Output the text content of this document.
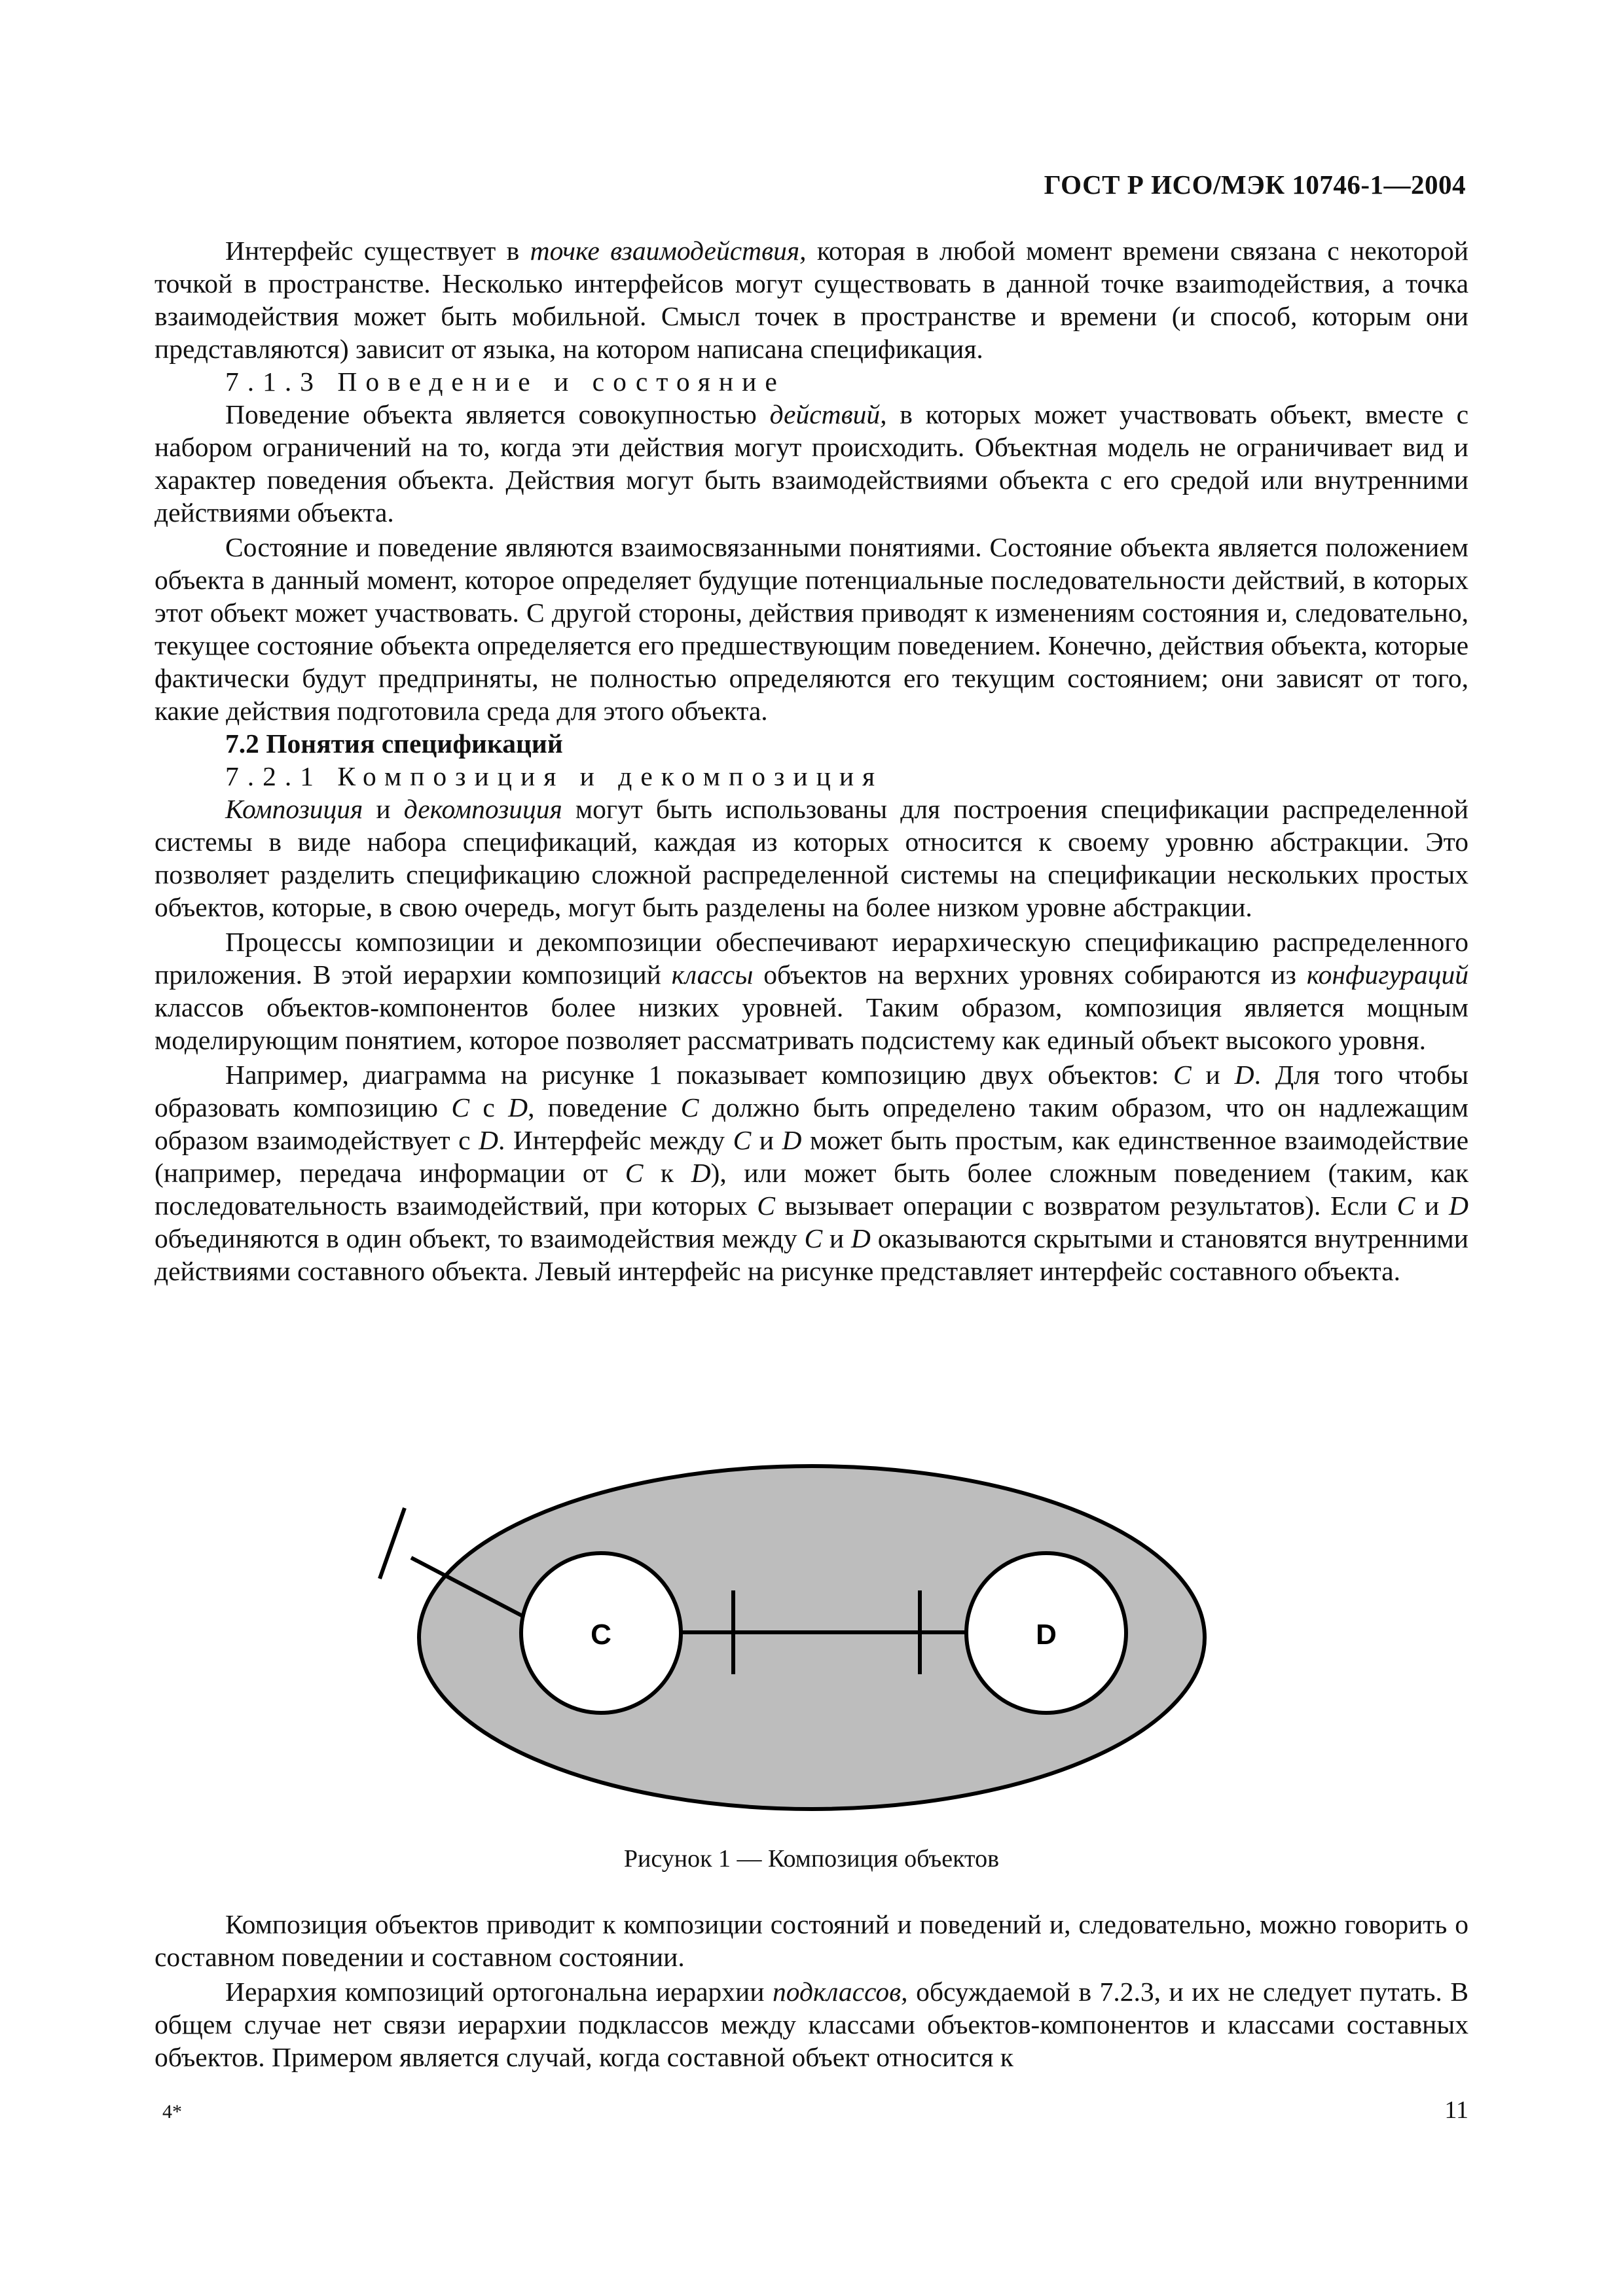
ГОСТ Р ИСО/МЭК 10746-1—2004

Интерфейс существует в точке взаимодействия, которая в любой момент времени связана с некоторой точкой в пространстве. Несколько интерфейсов могут существовать в данной точке взаиmодействия, а точка взаимодействия может быть мобильной. Смысл точек в пространстве и времени (и способ, которым они представляются) зависит от языка, на котором написана спецификация.

7.1.3 Поведение и состояние

Поведение объекта является совокупностью действий, в которых может участвовать объект, вместе с набором ограничений на то, когда эти действия могут происходить. Объектная модель не ограничивает вид и характер поведения объекта. Действия могут быть взаимодействиями объекта с его средой или внутренними действиями объекта.

Состояние и поведение являются взаимосвязанными понятиями. Состояние объекта является положением объекта в данный момент, которое определяет будущие потенциальные последовательности действий, в которых этот объект может участвовать. С другой стороны, действия приводят к изменениям состояния и, следовательно, текущее состояние объекта определяется его предшествующим поведением. Конечно, действия объекта, которые фактически будут предприняты, не полностью определяются его текущим состоянием; они зависят от того, какие действия подготовила среда для этого объекта.

7.2 Понятия спецификаций
7.2.1 Композиция и декомпозиция

Композиция и декомпозиция могут быть использованы для построения спецификации распределенной системы в виде набора спецификаций, каждая из которых относится к своему уровню абстракции. Это позволяет разделить спецификацию сложной распределенной системы на спецификации нескольких простых объектов, которые, в свою очередь, могут быть разделены на более низком уровне абстракции.

Процессы композиции и декомпозиции обеспечивают иерархическую спецификацию распределенного приложения. В этой иерархии композиций классы объектов на верхних уровнях собираются из конфигураций классов объектов-компонентов более низких уровней. Таким образом, композиция является мощным моделирующим понятием, которое позволяет рассматривать подсистему как единый объект высокого уровня.

Например, диаграмма на рисунке 1 показывает композицию двух объектов: C и D. Для того чтобы образовать композицию C с D, поведение C должно быть определено таким образом, что он надлежащим образом взаимодействует с D. Интерфейс между C и D может быть простым, как единственное взаимодействие (например, передача информации от C к D), или может быть более сложным поведением (таким, как последовательность взаимодействий, при которых C вызывает операции с возвратом результатов). Если C и D объединяются в один объект, то взаимодействия между C и D оказываются скрытыми и становятся внутренними действиями составного объекта. Левый интерфейс на рисунке представляет интерфейс составного объекта.

C	D
Рисунок 1 — Композиция объектов

Композиция объектов приводит к композиции состояний и поведений и, следовательно, можно говорить о составном поведении и составном состоянии.

Иерархия композиций ортогональна иерархии подклассов, обсуждаемой в 7.2.3, и их не следует путать. В общем случае нет связи иерархии подклассов между классами объектов-компонентов и классами составных объектов. Примером является случай, когда составной объект относится к

4*	11
